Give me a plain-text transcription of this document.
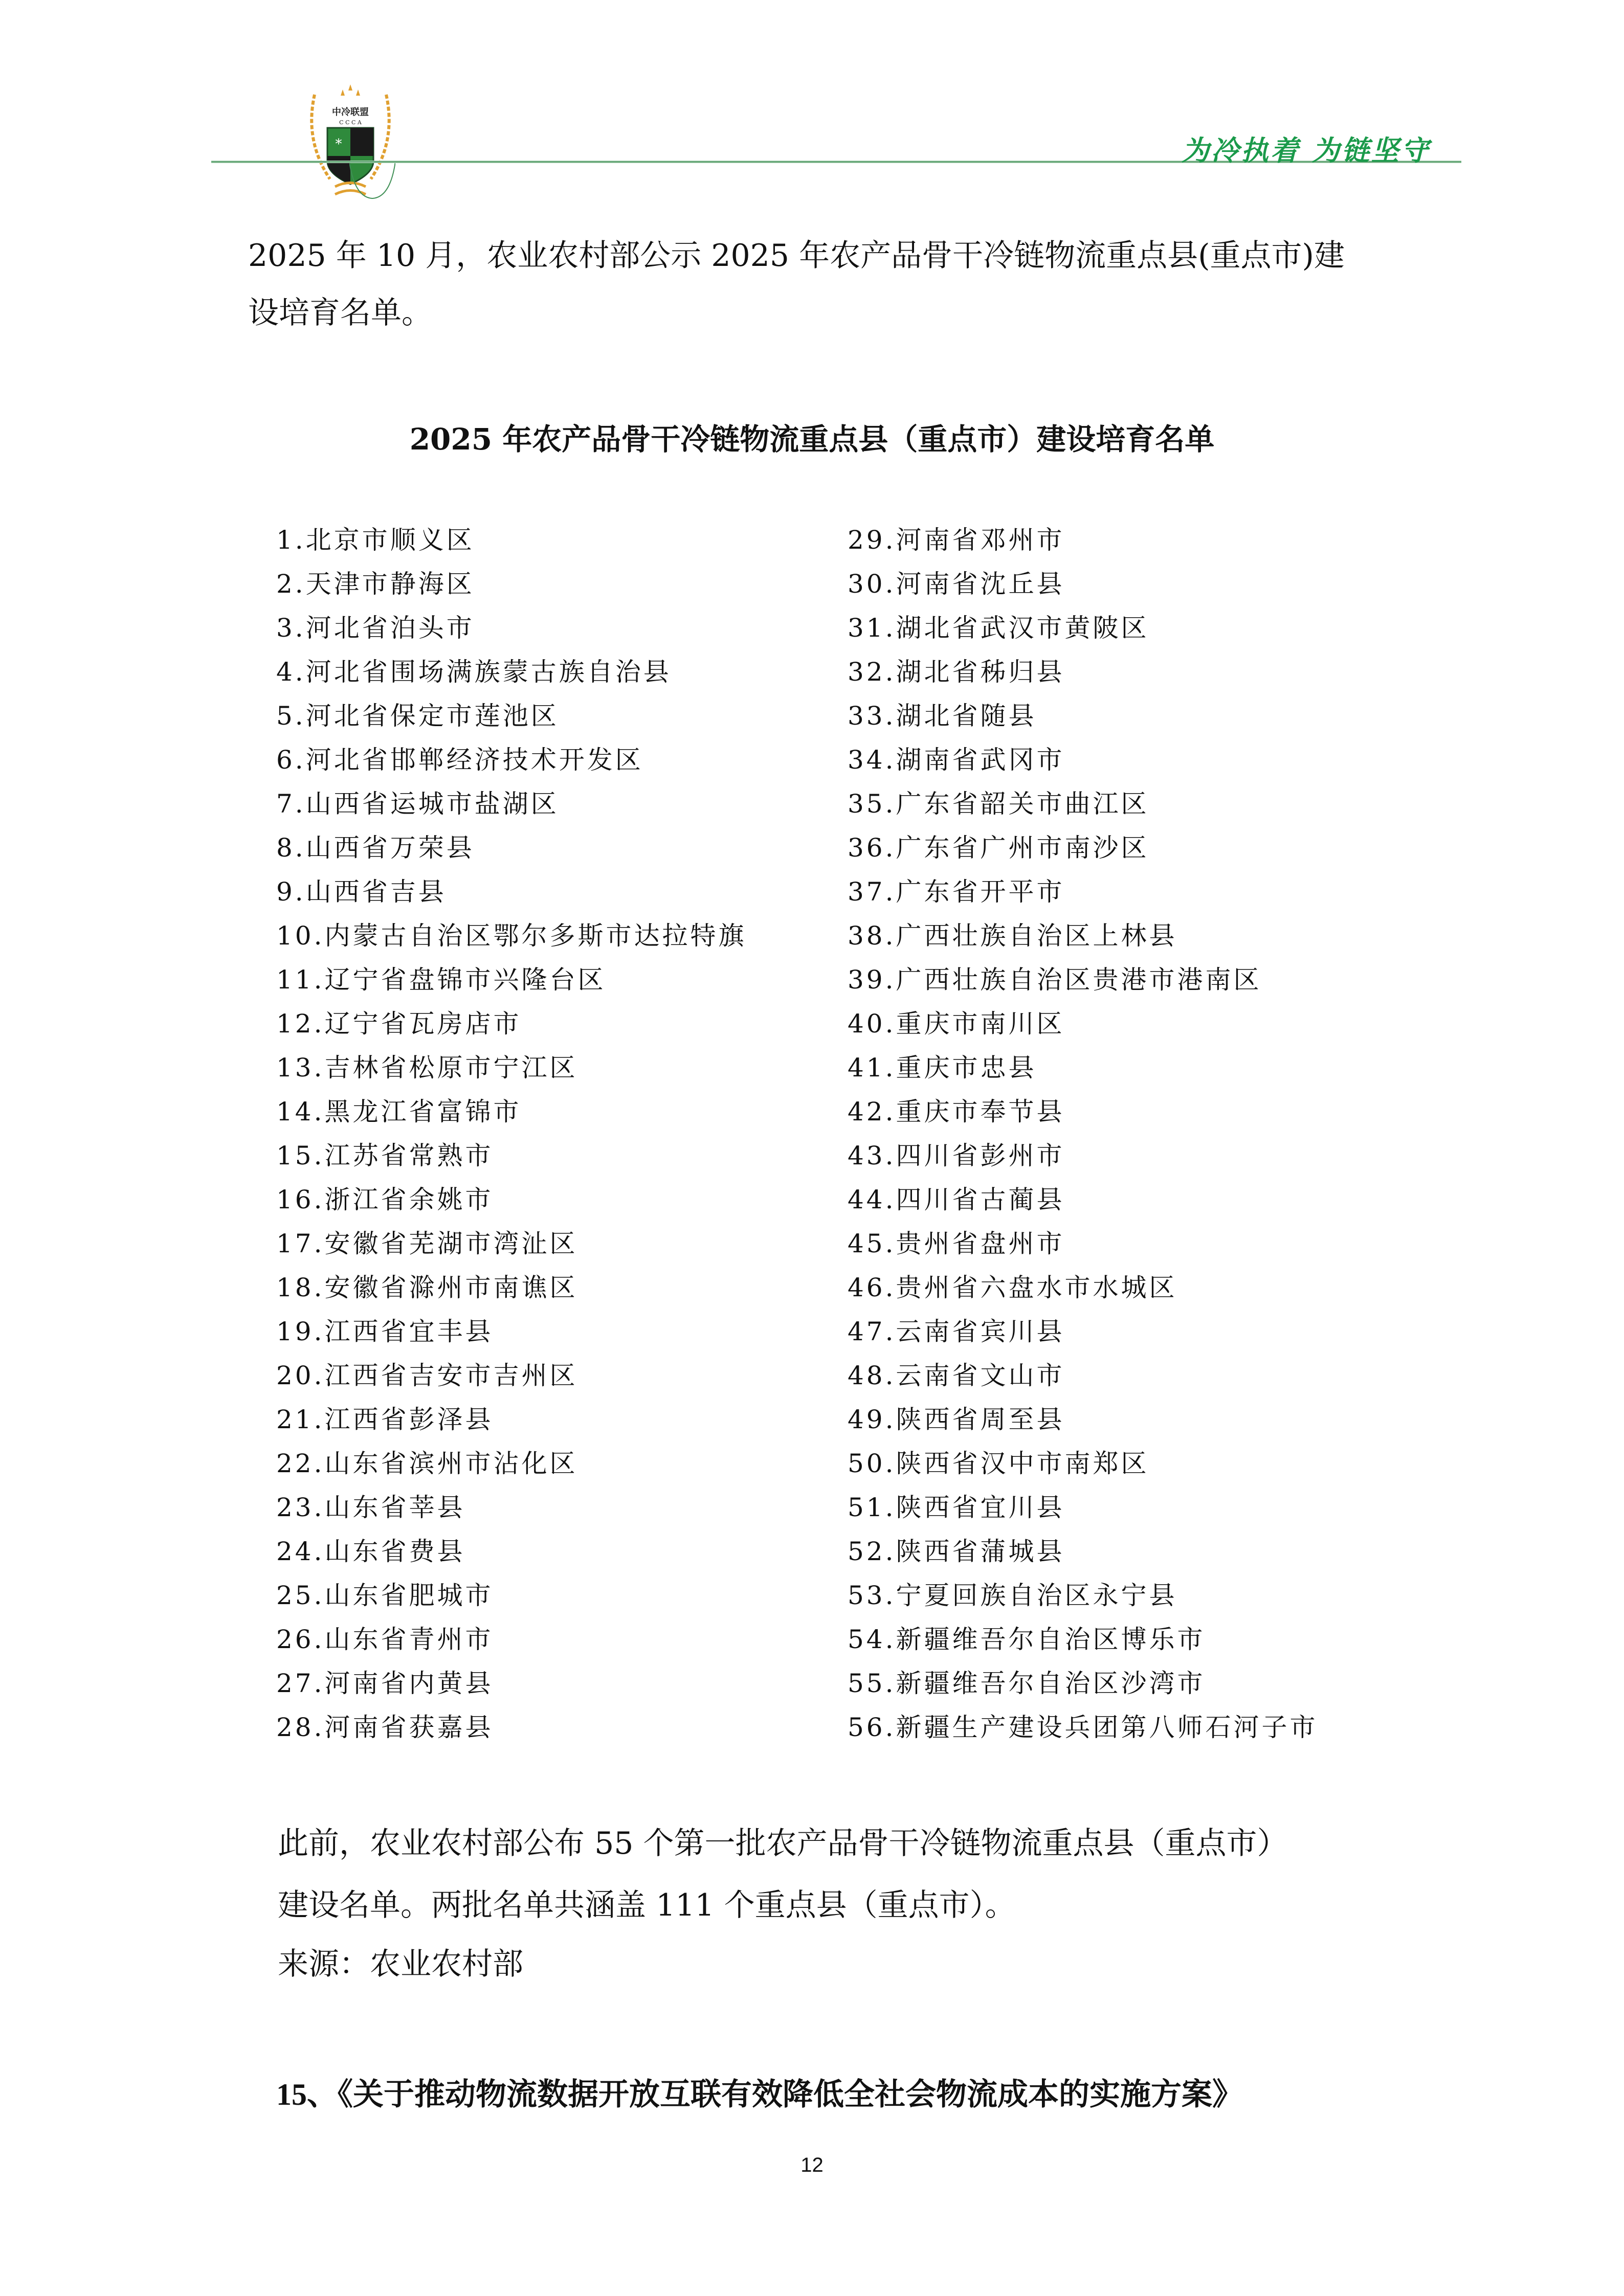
中冷联盟
C C C A
*	为冷执着 为链坚守
2025 年 10 月，农业农村部公示 2025 年农产品骨干冷链物流重点县(重点市)建
设培育名单。
2025 年农产品骨干冷链物流重点县（重点市）建设培育名单
1.北京市顺义区
2.天津市静海区
3.河北省泊头市
4.河北省围场满族蒙古族自治县
5.河北省保定市莲池区
6.河北省邯郸经济技术开发区
7.山西省运城市盐湖区
8.山西省万荣县
9.山西省吉县
10.内蒙古自治区鄂尔多斯市达拉特旗
11.辽宁省盘锦市兴隆台区
12.辽宁省瓦房店市
13.吉林省松原市宁江区
14.黑龙江省富锦市
15.江苏省常熟市
16.浙江省余姚市
17.安徽省芜湖市湾沚区
18.安徽省滁州市南谯区
19.江西省宜丰县
20.江西省吉安市吉州区
21.江西省彭泽县
22.山东省滨州市沾化区
23.山东省莘县
24.山东省费县
25.山东省肥城市
26.山东省青州市
27.河南省内黄县
28.河南省获嘉县
29.河南省邓州市
30.河南省沈丘县
31.湖北省武汉市黄陂区
32.湖北省秭归县
33.湖北省随县
34.湖南省武冈市
35.广东省韶关市曲江区
36.广东省广州市南沙区
37.广东省开平市
38.广西壮族自治区上林县
39.广西壮族自治区贵港市港南区
40.重庆市南川区
41.重庆市忠县
42.重庆市奉节县
43.四川省彭州市
44.四川省古蔺县
45.贵州省盘州市
46.贵州省六盘水市水城区
47.云南省宾川县
48.云南省文山市
49.陕西省周至县
50.陕西省汉中市南郑区
51.陕西省宜川县
52.陕西省蒲城县
53.宁夏回族自治区永宁县
54.新疆维吾尔自治区博乐市
55.新疆维吾尔自治区沙湾市
56.新疆生产建设兵团第八师石河子市
此前，农业农村部公布 55 个第一批农产品骨干冷链物流重点县（重点市）
建设名单。两批名单共涵盖 111 个重点县（重点市）。
来源：农业农村部
15、《关于推动物流数据开放互联有效降低全社会物流成本的实施方案》
12
